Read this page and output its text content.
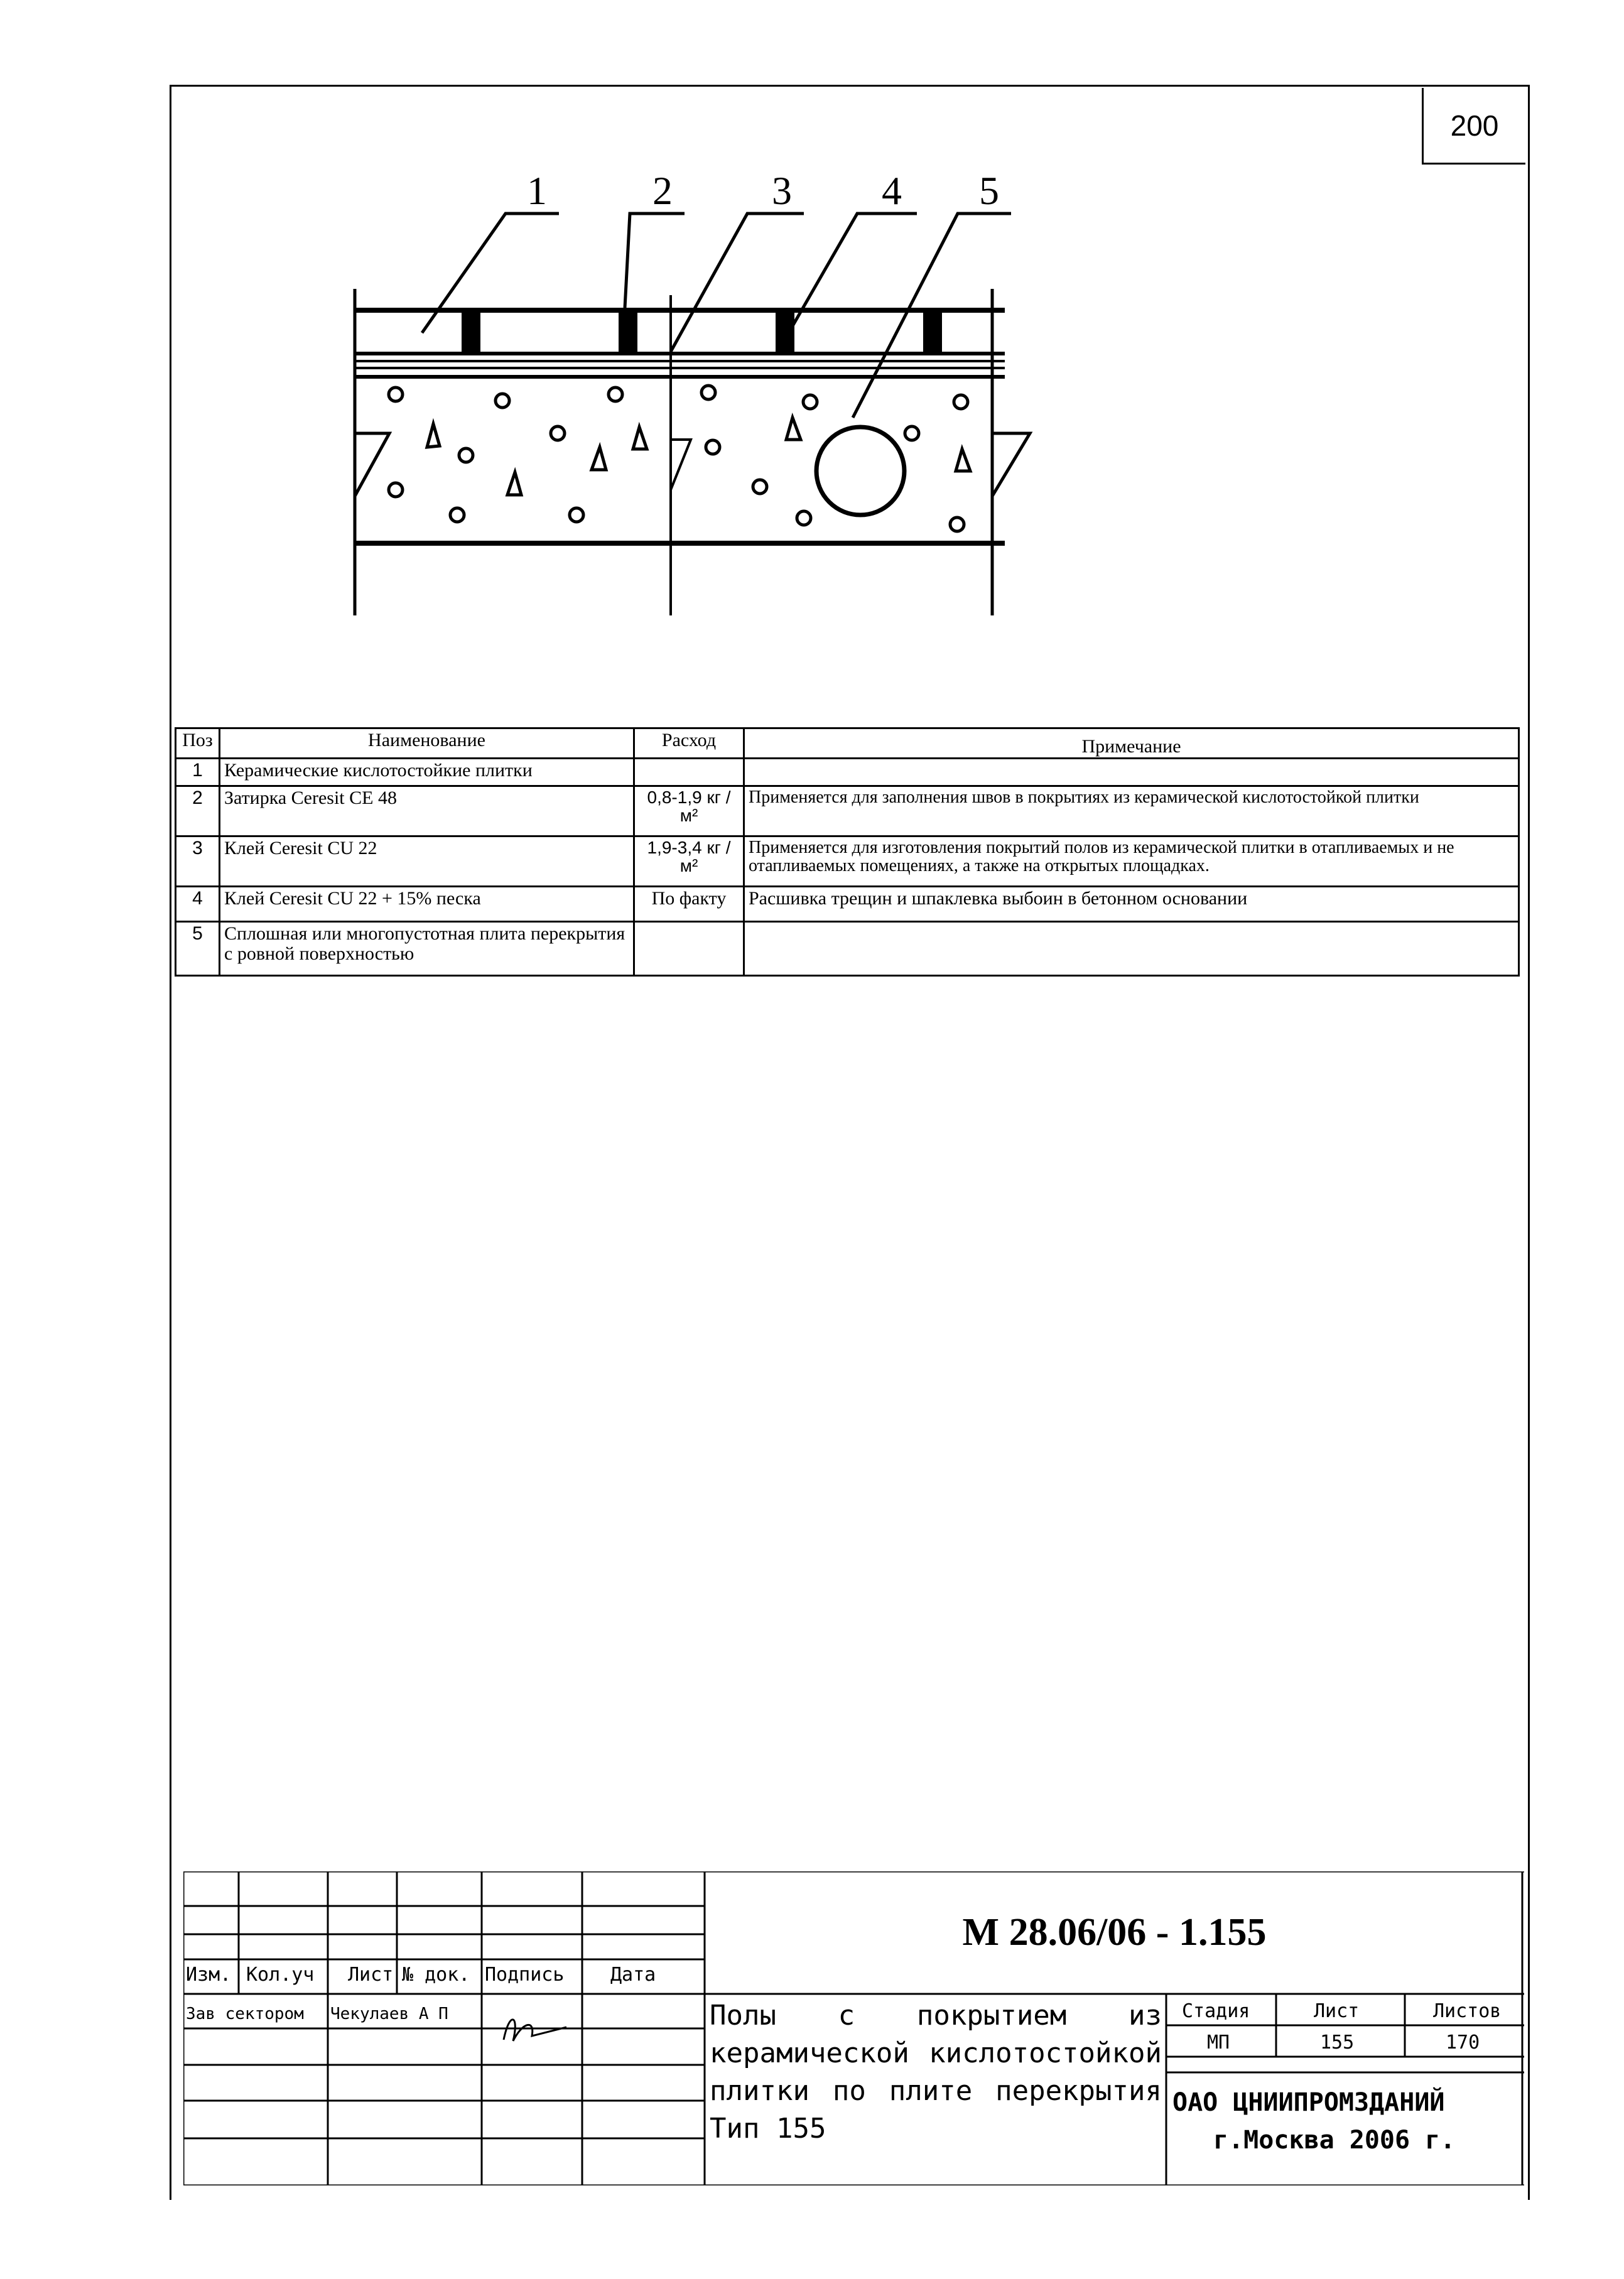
200
1	2 3 4 5
Поз	Наименование	Расход	Примечание
1	Керамические кислотостойкие плитки		
2	Затирка Ceresit CE 48	0,8-1,9 кг / м²	Применяется для заполнения швов в покрытиях из керамической кислотостойкой плитки
3	Клей Ceresit CU 22	1,9-3,4 кг / м²	Применяется для изготовления покрытий полов из керамической плитки в отапливаемых и не отапливаемых помещениях, а также на открытых площадках.
4	Клей Ceresit CU 22 + 15% песка	По факту	Расшивка трещин и шпаклевка выбоин в бетонном основании
5	Сплошная или многопустотная плита перекрытия с ровной поверхностью		
Изм. Кол.уч Лист № док. Подпись Дата
Зав сектором Чекулаев А П
М 28.06/06 - 1.155
Полы с покрытием из керамической кислотостойкой плитки по плите перекрытия Тип 155
Стадия	Лист	Листов
МП	155	170
ОАО ЦНИИПРОМЗДАНИЙ
г.Москва 2006 г.
